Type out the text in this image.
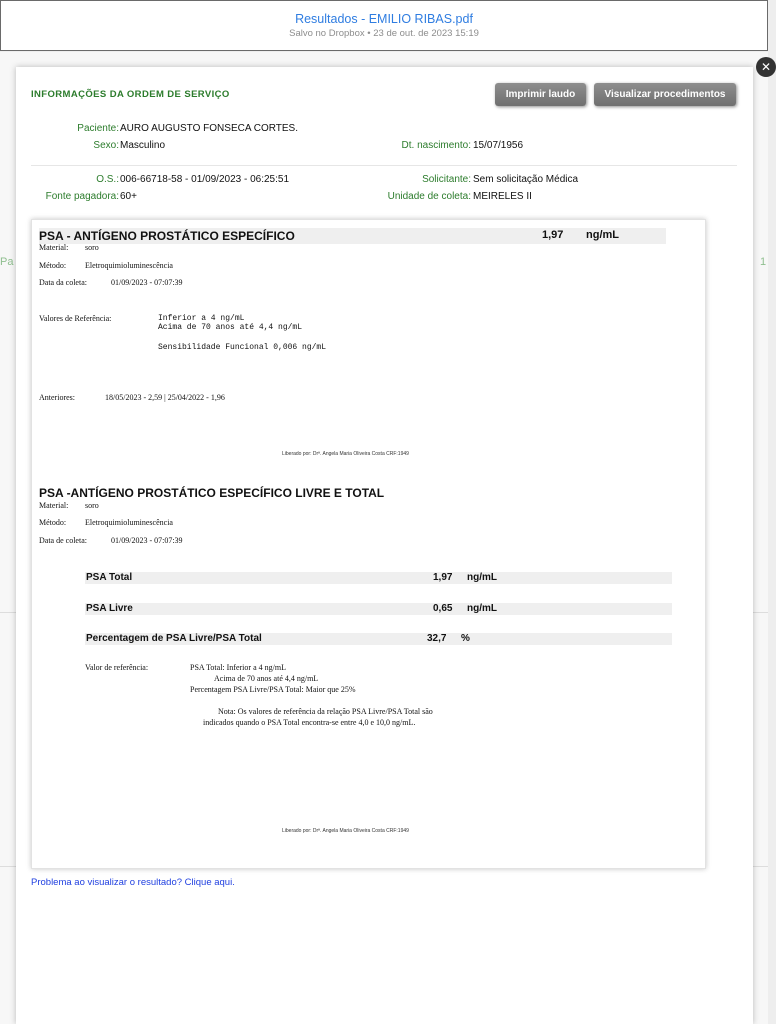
Resultados - EMILIO RIBAS.pdf
Salvo no Dropbox • 23 de out. de 2023 15:19
Pa	1
✕
INFORMAÇÕES DA ORDEM DE SERVIÇO	Imprimir laudo	Visualizar procedimentos
Paciente: AURO AUGUSTO FONSECA CORTES.
Sexo: Masculino	Dt. nascimento: 15/07/1956
O.S.: 006-66718-58 - 01/09/2023 - 06:25:51	Solicitante: Sem solicitação Médica
Fonte pagadora: 60+	Unidade de coleta: MEIRELES II
PSA - ANTÍGENO PROSTÁTICO ESPECÍFICO	1,97 ng/mL
Material: soro
Método: Eletroquimioluminescência
Data da coleta:	01/09/2023 - 07:07:39
Valores de Referência:	Inferior a 4 ng/mL
Acima de 70 anos até 4,4 ng/mL
Sensibilidade Funcional 0,006 ng/mL
Anteriores:	18/05/2023 - 2,59 | 25/04/2022 - 1,96
Liberado por: Drª. Angela Maria Oliveira Costa CRF:1949
PSA -ANTÍGENO PROSTÁTICO ESPECÍFICO LIVRE E TOTAL
Material: soro
Método: Eletroquimioluminescência
Data de coleta:	01/09/2023 - 07:07:39
PSA Total	1,97 ng/mL
PSA Livre	0,65 ng/mL
Percentagem de PSA Livre/PSA Total	32,7 %
Valor de referência:	PSA Total: Inferior a 4 ng/mL
Acima de 70 anos até 4,4 ng/mL
Percentagem PSA Livre/PSA Total: Maior que 25%
Nota: Os valores de referência da relação PSA Livre/PSA Total são
indicados quando o PSA Total encontra-se entre 4,0 e 10,0 ng/mL.
Liberado por: Drª. Angela Maria Oliveira Costa CRF:1949
Problema ao visualizar o resultado? Clique aqui.
